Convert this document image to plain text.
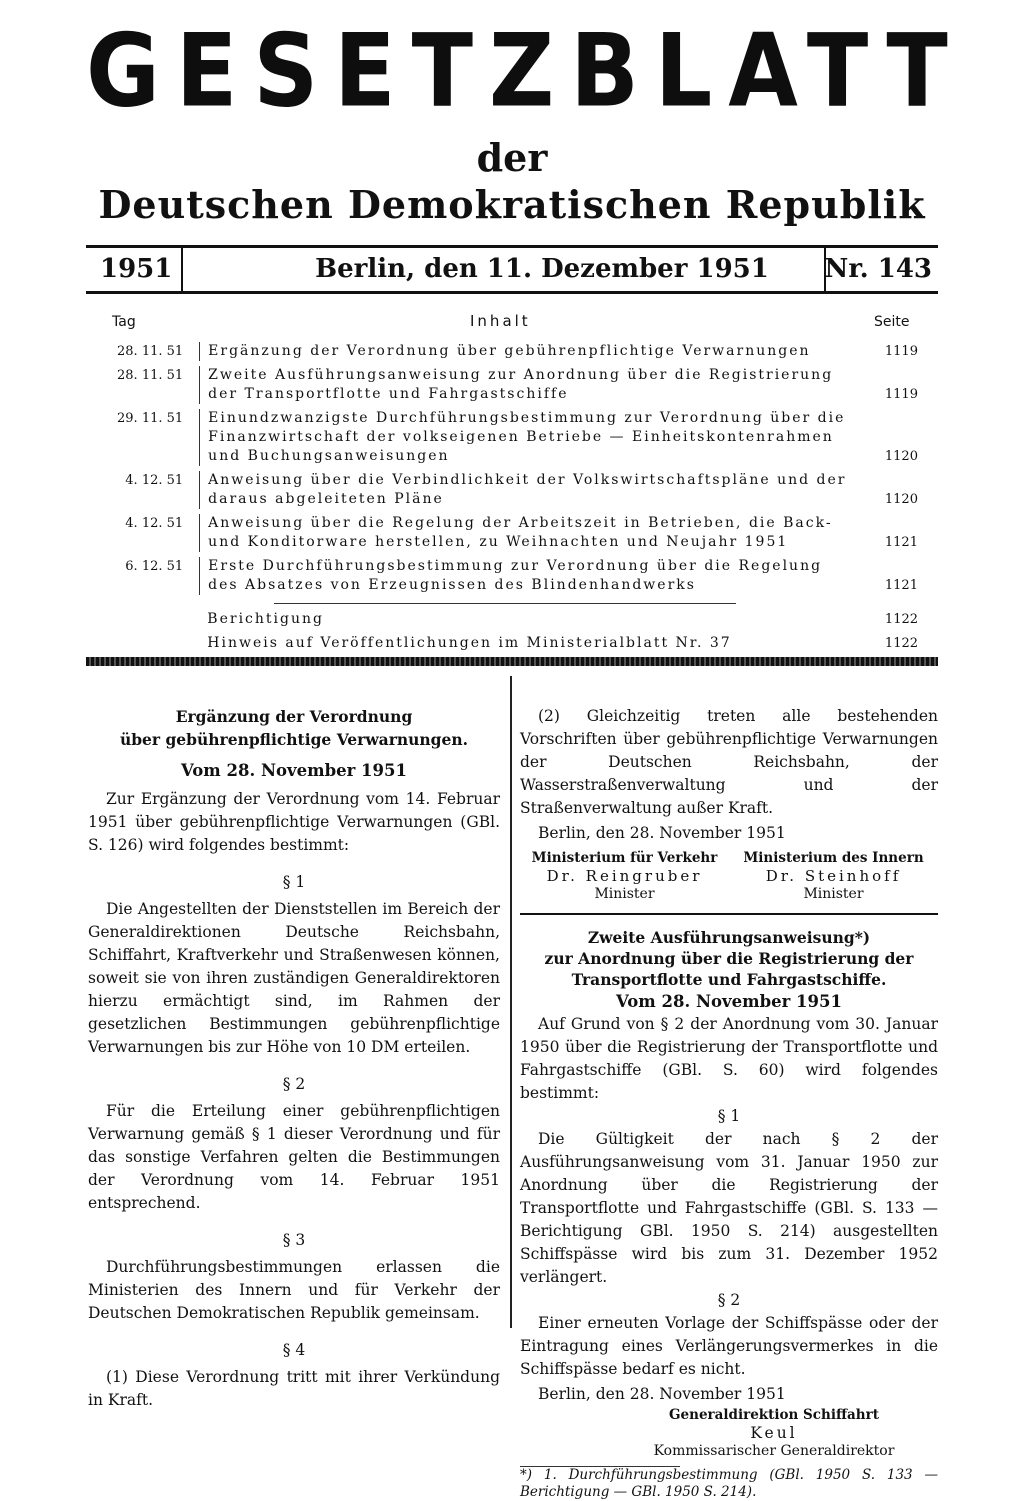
GESETZBLATT
der
Deutschen Demokratischen Republik
1951	Berlin, den 11. Dezember 1951	Nr. 143
Tag	Inhalt	Seite
28. 11. 51	Ergänzung der Verordnung über gebührenpflichtige Verwarnungen	1119
28. 11. 51	Zweite Ausführungsanweisung zur Anordnung über die Registrierung der Transportflotte und Fahrgastschiffe	1119
29. 11. 51	Einundzwanzigste Durchführungsbestimmung zur Verordnung über die Finanzwirtschaft der volkseigenen Betriebe — Einheitskontenrahmen und Buchungsanweisungen	1120
4. 12. 51	Anweisung über die Verbindlichkeit der Volkswirtschaftspläne und der daraus abgeleiteten Pläne	1120
4. 12. 51	Anweisung über die Regelung der Arbeitszeit in Betrieben, die Back- und Konditorware herstellen, zu Weihnachten und Neujahr 1951	1121
6. 12. 51	Erste Durchführungsbestimmung zur Verordnung über die Regelung des Absatzes von Erzeugnissen des Blindenhandwerks	1121
Berichtigung	1122
Hinweis auf Veröffentlichungen im Ministerialblatt Nr. 37	1122

Ergänzung der Verordnung

über gebührenpflichtige Verwarnungen.

Vom 28. November 1951

Zur Ergänzung der Verordnung vom 14. Februar 1951 über gebührenpflichtige Verwarnungen (GBl. S. 126) wird folgendes bestimmt:

§ 1

Die Angestellten der Dienststellen im Bereich der Generaldirektionen Deutsche Reichsbahn, Schiffahrt, Kraftverkehr und Straßenwesen können, soweit sie von ihren zuständigen Generaldirektoren hierzu ermächtigt sind, im Rahmen der gesetzlichen Bestimmungen gebührenpflichtige Verwarnungen bis zur Höhe von 10 DM erteilen.

§ 2

Für die Erteilung einer gebührenpflichtigen Verwarnung gemäß § 1 dieser Verordnung und für das sonstige Verfahren gelten die Bestimmungen der Verordnung vom 14. Februar 1951 entsprechend.

§ 3

Durchführungsbestimmungen erlassen die Ministerien des Innern und für Verkehr der Deutschen Demokratischen Republik gemeinsam.

§ 4

(1) Diese Verordnung tritt mit ihrer Verkündung in Kraft.

(2) Gleichzeitig treten alle bestehenden Vorschriften über gebührenpflichtige Verwarnungen der Deutschen Reichsbahn, der Wasserstraßenverwaltung und der Straßenverwaltung außer Kraft.

Berlin, den 28. November 1951

Ministerium für Verkehr
Dr. Reingruber
Minister
Ministerium des Innern
Dr. Steinhoff
Minister

Zweite Ausführungsanweisung*)

zur Anordnung über die Registrierung der

Transportflotte und Fahrgastschiffe.

Vom 28. November 1951

Auf Grund von § 2 der Anordnung vom 30. Januar 1950 über die Registrierung der Transportflotte und Fahrgastschiffe (GBl. S. 60) wird folgendes bestimmt:

§ 1

Die Gültigkeit der nach § 2 der Ausführungsanweisung vom 31. Januar 1950 zur Anordnung über die Registrierung der Transportflotte und Fahrgastschiffe (GBl. S. 133 — Berichtigung GBl. 1950 S. 214) ausgestellten Schiffspässe wird bis zum 31. Dezember 1952 verlängert.

§ 2

Einer erneuten Vorlage der Schiffspässe oder der Eintragung eines Verlängerungsvermerkes in die Schiffspässe bedarf es nicht.

Berlin, den 28. November 1951

Generaldirektion Schiffahrt

Keul

Kommissarischer Generaldirektor

*) 1. Durchführungsbestimmung (GBl. 1950 S. 133 — Berichtigung — GBl. 1950 S. 214).
